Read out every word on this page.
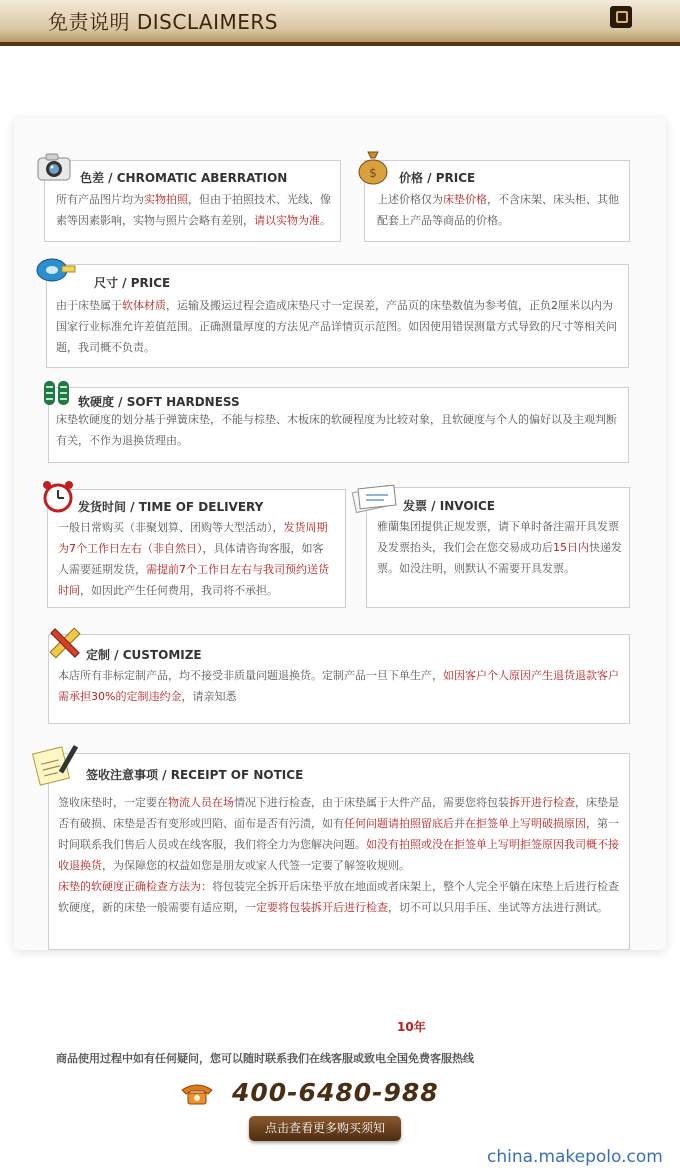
免责说明 DISCLAIMERS
色差 / CHROMATIC ABERRATION
所有产品图片均为实物拍照，但由于拍照技术、光线、像素等因素影响，实物与照片会略有差别，请以实物为准。
$ 价格 / PRICE
上述价格仅为床垫价格，不含床架、床头柜、其他配套上产品等商品的价格。
尺寸 / PRICE
由于床垫属于软体材质，运输及搬运过程会造成床垫尺寸一定误差，产品页的床垫数值为参考值，正负2厘米以内为国家行业标准允许差值范围。正确测量厚度的方法见产品详情页示范图。如因使用错误测量方式导致的尺寸等相关问题，我司概不负责。
软硬度 / SOFT HARDNESS
床垫软硬度的划分基于弹簧床垫，不能与棕垫、木板床的软硬程度为比较对象，且软硬度与个人的偏好以及主观判断有关，不作为退换货理由。
发货时间 / TIME OF DELIVERY
一般日常购买（非聚划算、团购等大型活动），发货周期为7个工作日左右（非自然日），具体请咨询客服，如客人需要延期发货，需提前7个工作日左右与我司预约送货时间，如因此产生任何费用，我司将不承担。
发票 / INVOICE
雅蘭集团提供正规发票，请下单时备注需开具发票及发票抬头，我们会在您交易成功后15日内快递发票。如没注明，则默认不需要开具发票。
定制 / CUSTOMIZE
本店所有非标定制产品，均不接受非质量问题退换货。定制产品一旦下单生产，如因客户个人原因产生退货退款客户需承担30%的定制违约金，请亲知悉
签收注意事项 / RECEIPT OF NOTICE
签收床垫时，一定要在物流人员在场情况下进行检查，由于床垫属于大件产品，需要您将包装拆开进行检查，床垫是否有破损、床垫是否有变形或凹陷、面布是否有污渍，如有任何问题请拍照留底后并在拒签单上写明破损原因，第一时间联系我们售后人员或在线客服，我们将全力为您解决问题。如没有拍照或没在拒签单上写明拒签原因我司概不接收退换货，为保障您的权益如您是朋友或家人代签一定要了解签收规则。
床垫的软硬度正确检查方法为：将包装完全拆开后床垫平放在地面或者床架上，整个人完全平躺在床垫上后进行检查软硬度，新的床垫一般需要有适应期，一定要将包装拆开后进行检查，切不可以只用手压、坐试等方法进行测试。
10年
商品使用过程中如有任何疑问，您可以随时联系我们在线客服或致电全国免费客服热线
400-6480-988
点击查看更多购买须知
china.makepolo.com
